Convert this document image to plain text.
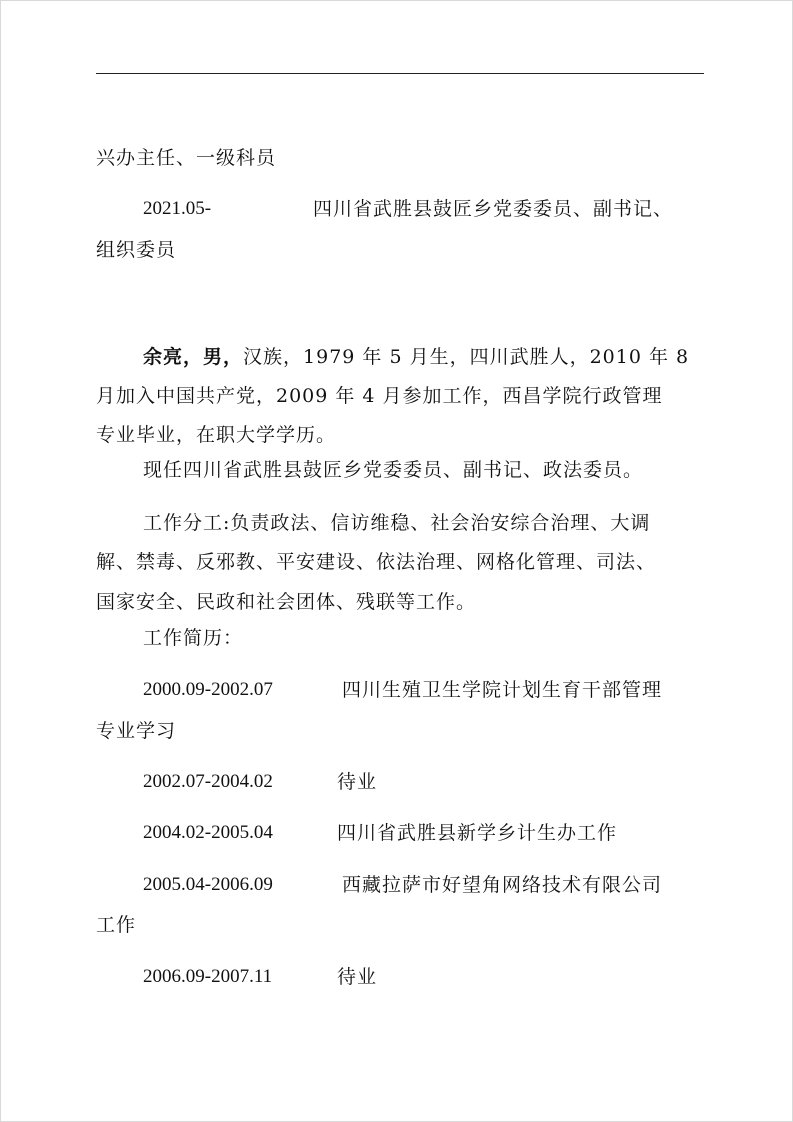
兴办主任、一级科员
2021.05-	四川省武胜县鼓匠乡党委委员、副书记、
组织委员
余亮，男，汉族，1979 年 5 月生，四川武胜人，2010 年 8
月加入中国共产党，2009 年 4 月参加工作，西昌学院行政管理
专业毕业，在职大学学历。
现任四川省武胜县鼓匠乡党委委员、副书记、政法委员。
工作分工:负责政法、信访维稳、社会治安综合治理、大调
解、禁毒、反邪教、平安建设、依法治理、网格化管理、司法、
国家安全、民政和社会团体、残联等工作。
工作简历：
2000.09-2002.07	四川生殖卫生学院计划生育干部管理
专业学习
2002.07-2004.02	待业
2004.02-2005.04	四川省武胜县新学乡计生办工作
2005.04-2006.09	西藏拉萨市好望角网络技术有限公司
工作
2006.09-2007.11	待业
